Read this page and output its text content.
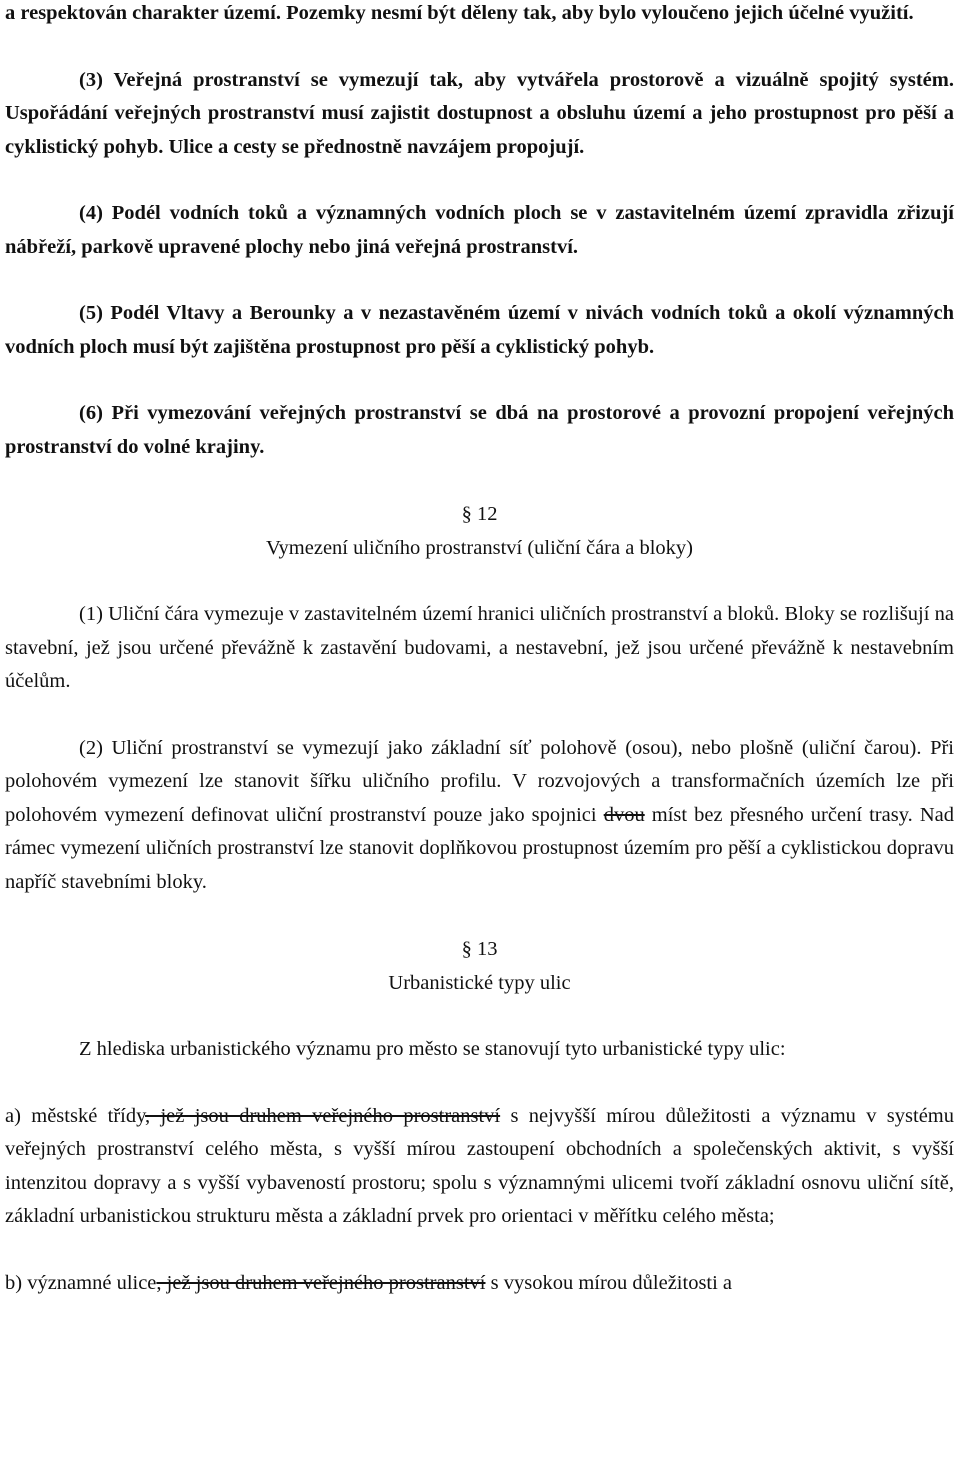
a respektován charakter území. Pozemky nesmí být děleny tak, aby bylo vyloučeno jejich účelné využití.

(3) Veřejná prostranství se vymezují tak, aby vytvářela prostorově a vizuálně spojitý systém. Uspořádání veřejných prostranství musí zajistit dostupnost a obsluhu území a jeho prostupnost pro pěší a cyklistický pohyb. Ulice a cesty se přednostně navzájem propojují.

(4) Podél vodních toků a významných vodních ploch se v zastavitelném území zpravidla zřizují nábřeží, parkově upravené plochy nebo jiná veřejná prostranství.

(5) Podél Vltavy a Berounky a v nezastavěném území v nivách vodních toků a okolí významných vodních ploch musí být zajištěna prostupnost pro pěší a cyklistický pohyb.

(6) Při vymezování veřejných prostranství se dbá na prostorové a provozní propojení veřejných prostranství do volné krajiny.

§ 12

Vymezení uličního prostranství (uliční čára a bloky)

(1) Uliční čára vymezuje v zastavitelném území hranici uličních prostranství a bloků. Bloky se rozlišují na stavební, jež jsou určené převážně k zastavění budovami, a nestavební, jež jsou určené převážně k nestavebním účelům.

(2) Uliční prostranství se vymezují jako základní síť polohově (osou), nebo plošně (uliční čarou). Při polohovém vymezení lze stanovit šířku uličního profilu. V rozvojových a transformačních územích lze při polohovém vymezení definovat uliční prostranství pouze jako spojnici dvou míst bez přesného určení trasy. Nad rámec vymezení uličních prostranství lze stanovit doplňkovou prostupnost územím pro pěší a cyklistickou dopravu napříč stavebními bloky.

§ 13

Urbanistické typy ulic

Z hlediska urbanistického významu pro město se stanovují tyto urbanistické typy ulic:

a) městské třídy, jež jsou druhem veřejného prostranství s nejvyšší mírou důležitosti a významu v systému veřejných prostranství celého města, s vyšší mírou zastoupení obchodních a společenských aktivit, s vyšší intenzitou dopravy a s vyšší vybaveností prostoru; spolu s významnými ulicemi tvoří základní osnovu uliční sítě, základní urbanistickou strukturu města a základní prvek pro orientaci v měřítku celého města;

b) významné ulice, jež jsou druhem veřejného prostranství s vysokou mírou důležitosti a
